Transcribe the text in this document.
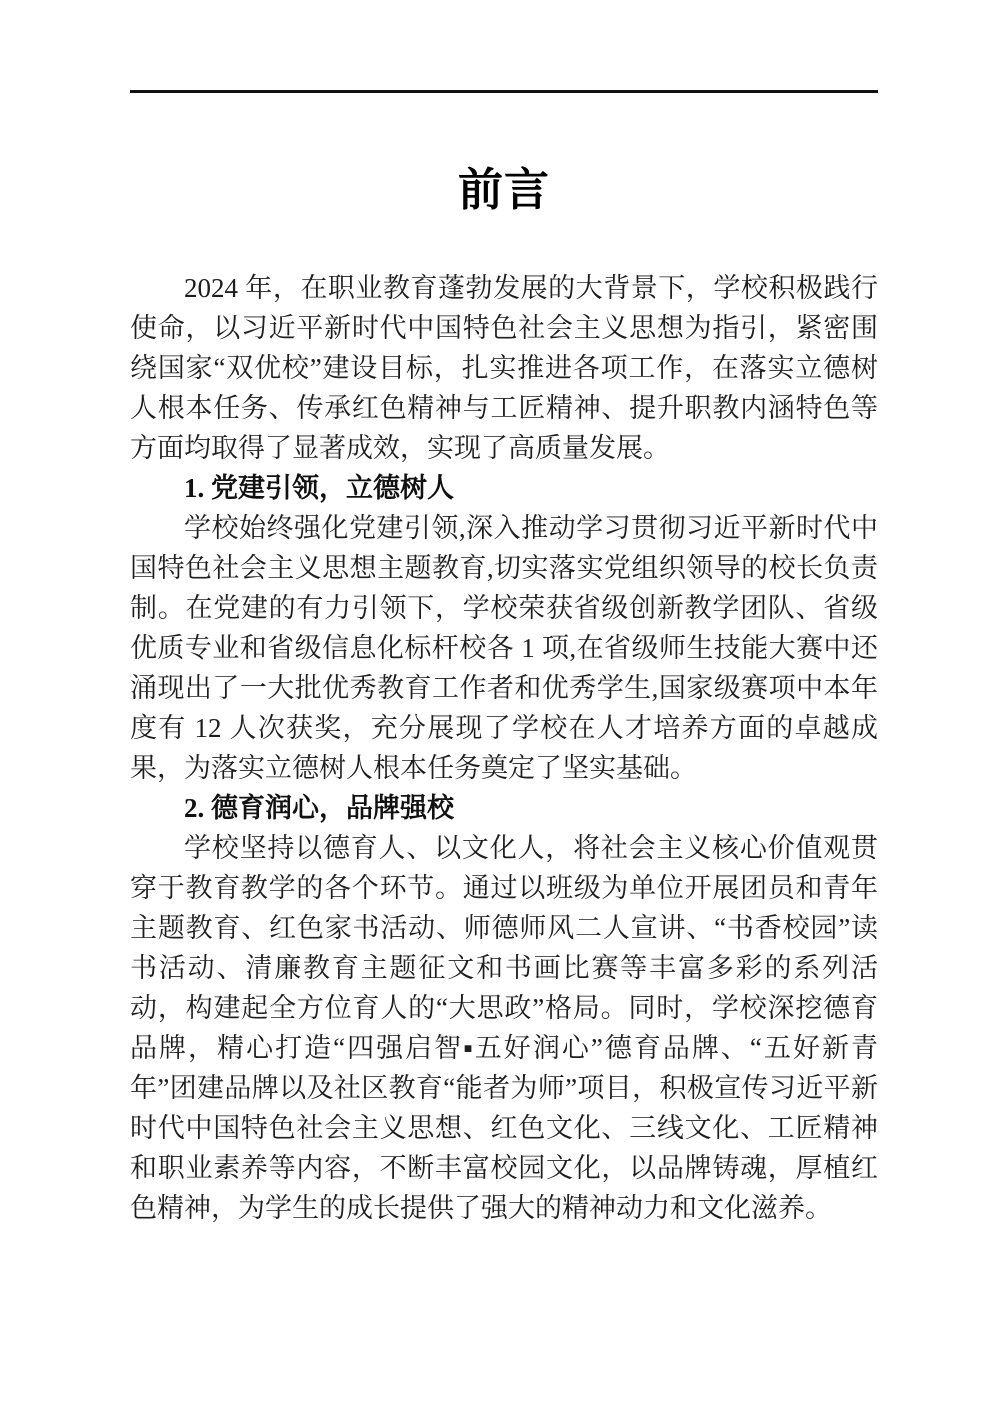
前言

2024 年，在职业教育蓬勃发展的大背景下，学校积极践行使命，以习近平新时代中国特色社会主义思想为指引，紧密围绕国家“双优校”建设目标，扎实推进各项工作，在落实立德树人根本任务、传承红色精神与工匠精神、提升职教内涵特色等方面均取得了显著成效，实现了高质量发展。

1. 党建引领，立德树人

学校始终强化党建引领,深入推动学习贯彻习近平新时代中国特色社会主义思想主题教育,切实落实党组织领导的校长负责制。在党建的有力引领下，学校荣获省级创新教学团队、省级优质专业和省级信息化标杆校各 1 项,在省级师生技能大赛中还涌现出了一大批优秀教育工作者和优秀学生,国家级赛项中本年度有 12 人次获奖，充分展现了学校在人才培养方面的卓越成果，为落实立德树人根本任务奠定了坚实基础。

2. 德育润心，品牌强校

学校坚持以德育人、以文化人，将社会主义核心价值观贯穿于教育教学的各个环节。通过以班级为单位开展团员和青年主题教育、红色家书活动、师德师风二人宣讲、“书香校园”读书活动、清廉教育主题征文和书画比赛等丰富多彩的系列活动，构建起全方位育人的“大思政”格局。同时，学校深挖德育品牌，精心打造“四强启智▪五好润心”德育品牌、“五好新青年”团建品牌以及社区教育“能者为师”项目，积极宣传习近平新时代中国特色社会主义思想、红色文化、三线文化、工匠精神和职业素养等内容，不断丰富校园文化，以品牌铸魂，厚植红色精神，为学生的成长提供了强大的精神动力和文化滋养。
